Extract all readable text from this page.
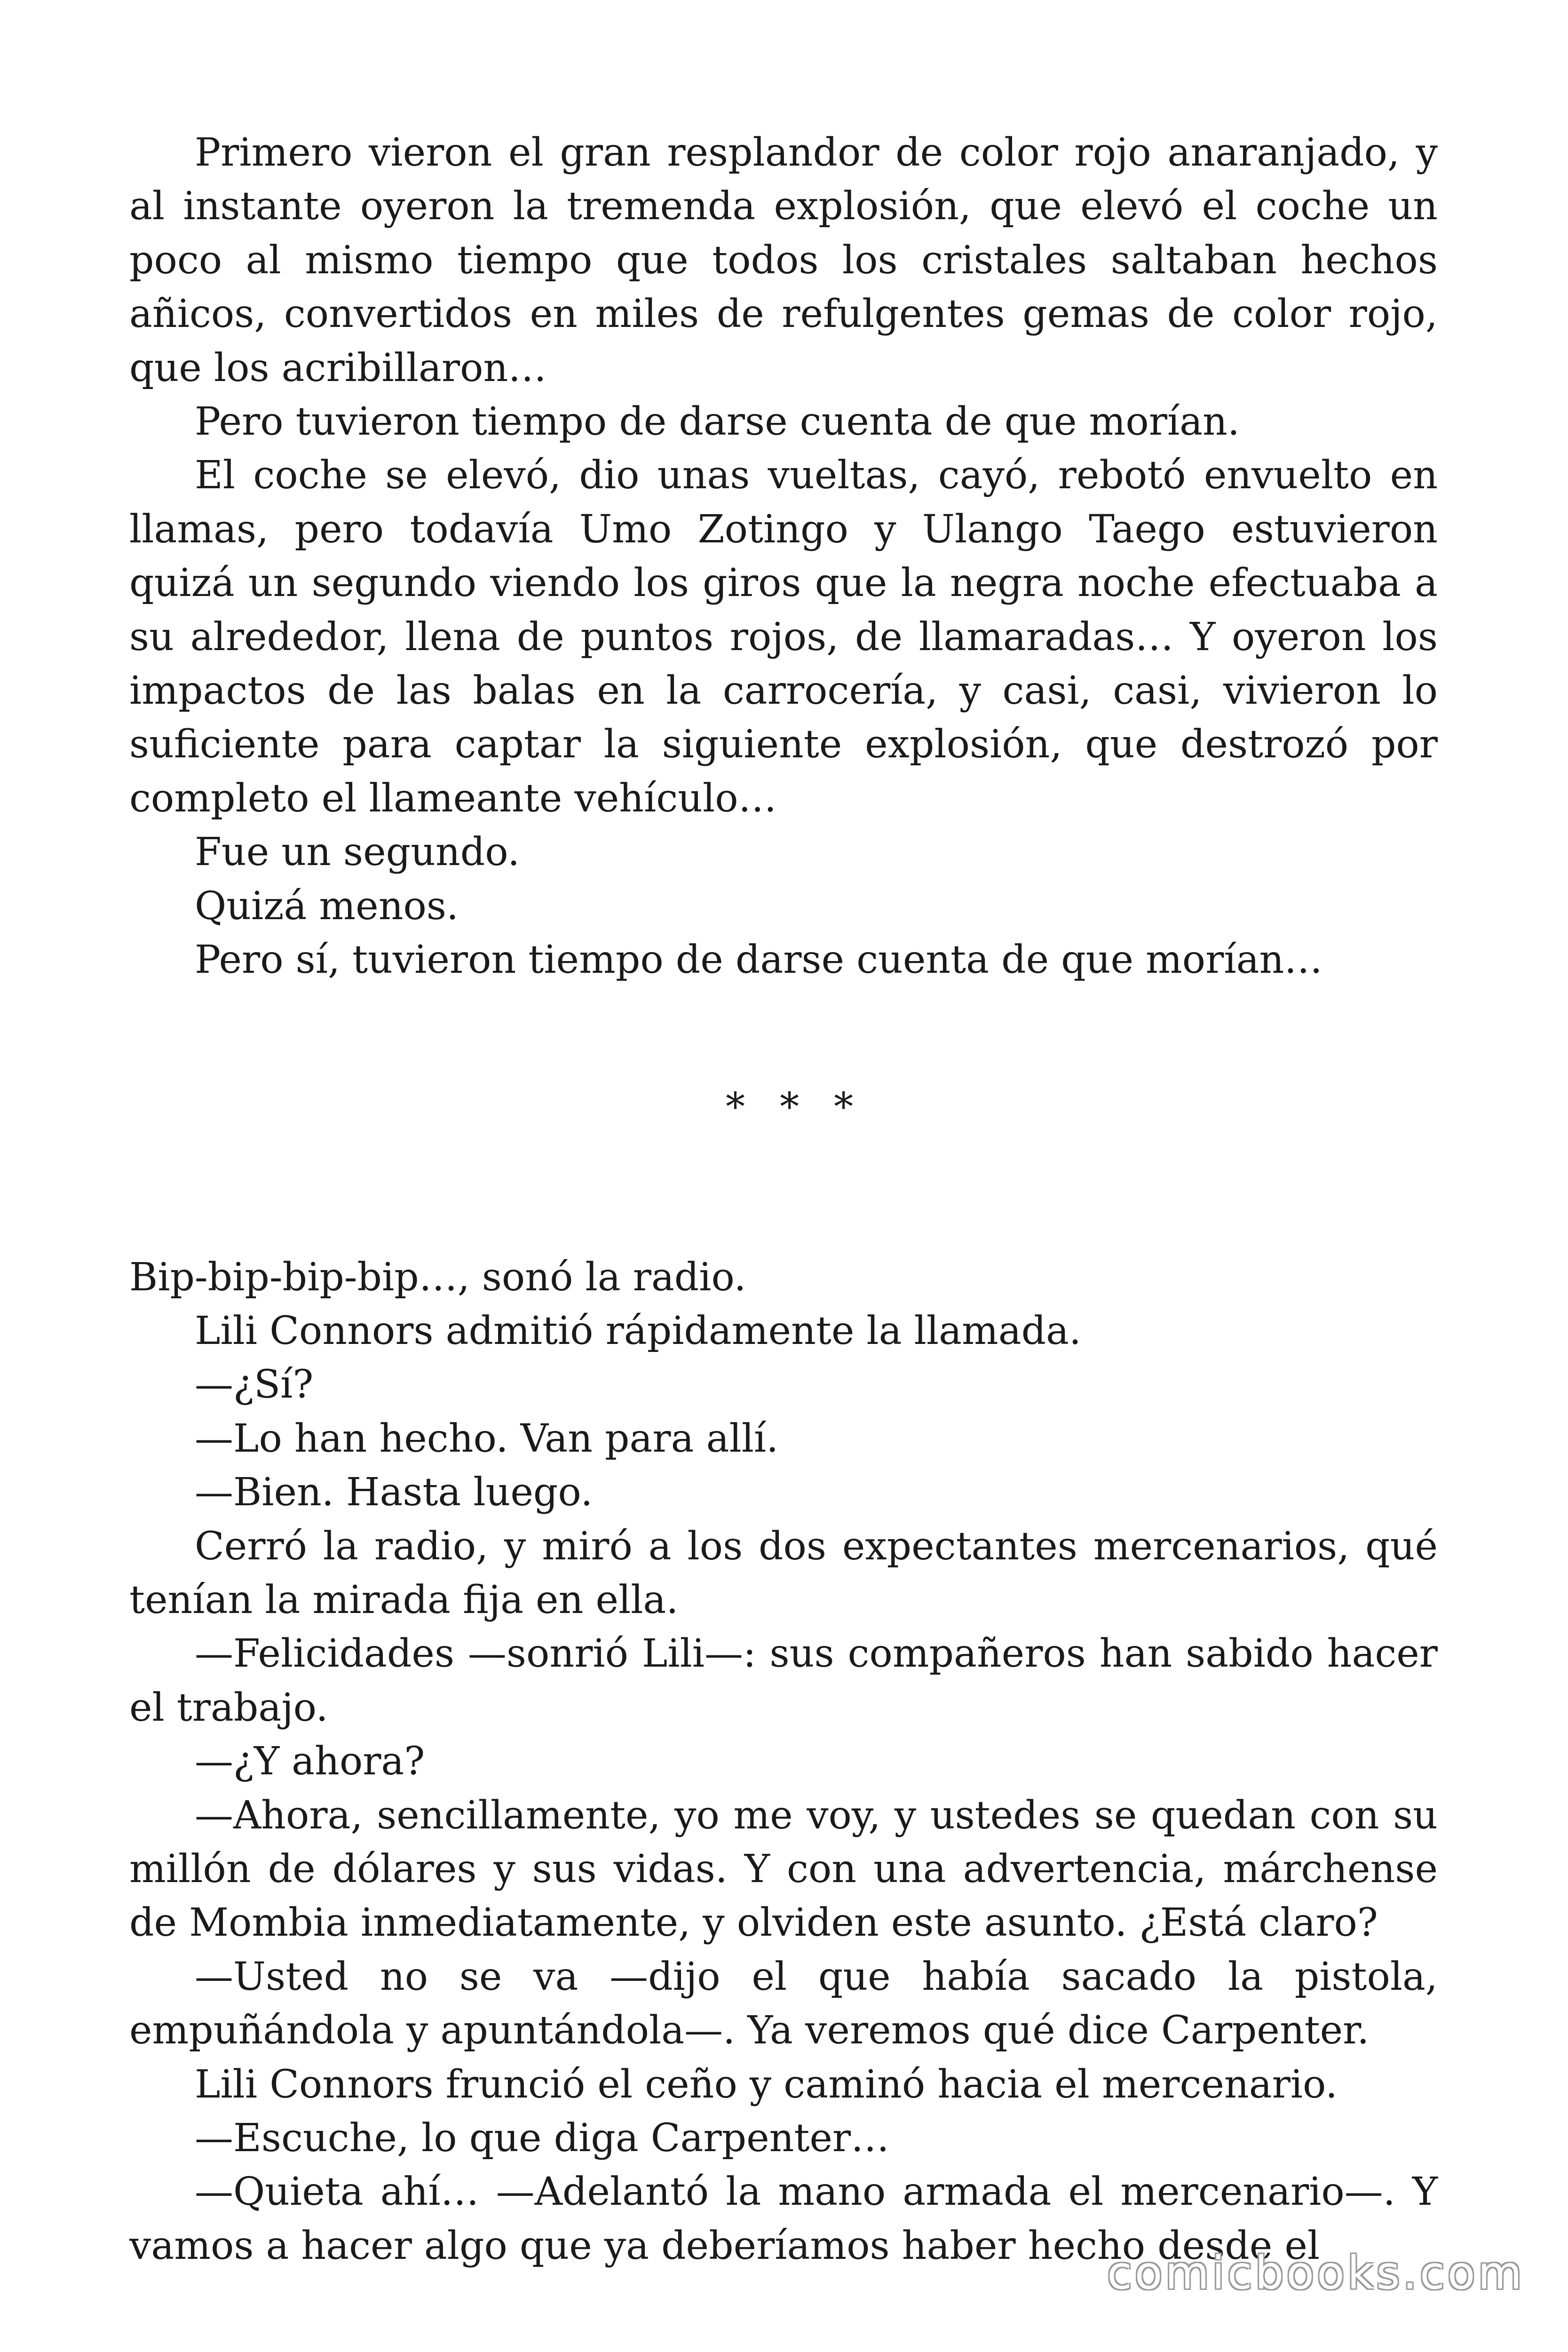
Primero vieron el gran resplandor de color rojo anaranjado, y al instante oyeron la tremenda explosión, que elevó el coche un poco al mismo tiempo que todos los cristales saltaban hechos añicos, convertidos en miles de refulgentes gemas de color rojo, que los acribillaron…

Pero tuvieron tiempo de darse cuenta de que morían.

El coche se elevó, dio unas vueltas, cayó, rebotó envuelto en llamas, pero todavía Umo Zotingo y Ulango Taego estuvieron quizá un segundo viendo los giros que la negra noche efectuaba a su alrededor, llena de puntos rojos, de llamaradas… Y oyeron los impactos de las balas en la carrocería, y casi, casi, vivieron lo suficiente para captar la siguiente explosión, que destrozó por completo el llameante vehículo…

Fue un segundo.

Quizá menos.

Pero sí, tuvieron tiempo de darse cuenta de que morían…

* * *

Bip-bip-bip-bip…, sonó la radio.

Lili Connors admitió rápidamente la llamada.

—¿Sí?

—Lo han hecho. Van para allí.

—Bien. Hasta luego.

Cerró la radio, y miró a los dos expectantes mercenarios, qué tenían la mirada fija en ella.

—Felicidades —sonrió Lili—: sus compañeros han sabido hacer el trabajo.

—¿Y ahora?

—Ahora, sencillamente, yo me voy, y ustedes se quedan con su millón de dólares y sus vidas. Y con una advertencia, márchense de Mombia inmediatamente, y olviden este asunto. ¿Está claro?

—Usted no se va —dijo el que había sacado la pistola, empuñándola y apuntándola—. Ya veremos qué dice Carpenter.

Lili Connors frunció el ceño y caminó hacia el mercenario.

—Escuche, lo que diga Carpenter…

—Quieta ahí… —Adelantó la mano armada el mercenario—. Y vamos a hacer algo que ya deberíamos haber hecho desde el

comicbooks.com
